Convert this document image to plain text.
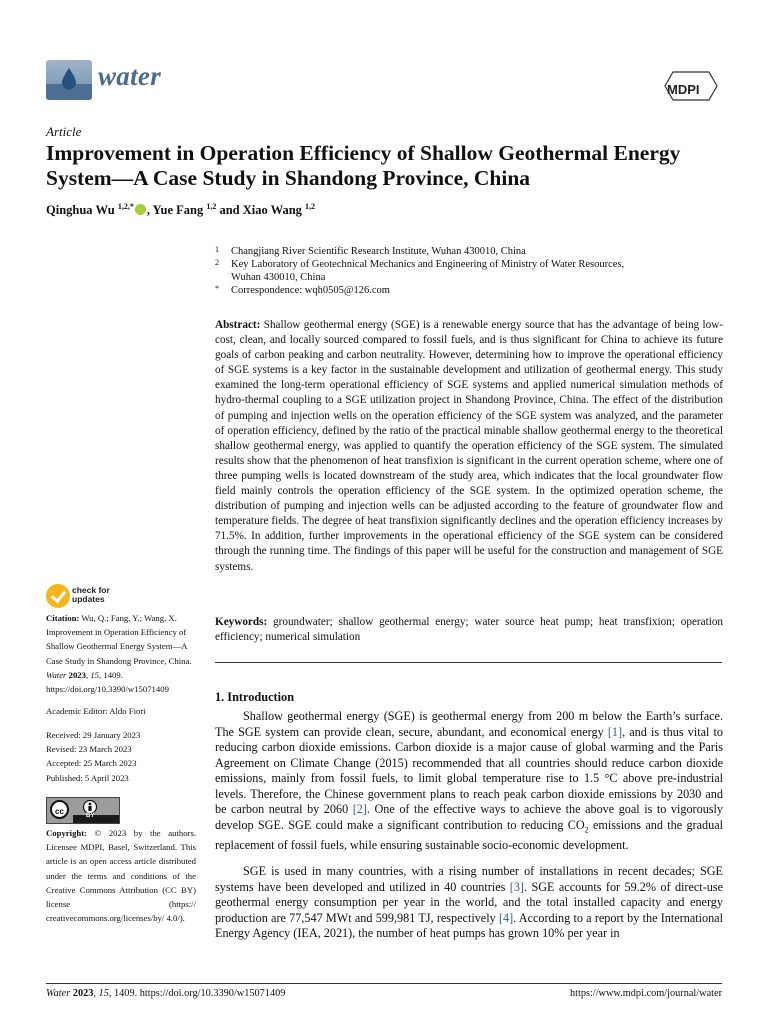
water	MDPI
Article
Improvement in Operation Efficiency of Shallow Geothermal Energy System—A Case Study in Shandong Province, China
Qinghua Wu $^{1,2,*}$ , Yue Fang $^{1,2}$ and Xiao Wang $^{1,2}$
1	Changjiang River Scientific Research Institute, Wuhan 430010, China
2	Key Laboratory of Geotechnical Mechanics and Engineering of Ministry of Water Resources,
Wuhan 430010, China
*	Correspondence: wqh0505@126.com
Abstract: Shallow geothermal energy (SGE) is a renewable energy source that has the advantage of being low-cost, clean, and locally sourced compared to fossil fuels, and is thus significant for China to achieve its future goals of carbon peaking and carbon neutrality. However, determining how to improve the operational efficiency of SGE systems is a key factor in the sustainable development and utilization of geothermal energy. This study examined the long-term operational efficiency of SGE systems and applied numerical simulation methods of hydro-thermal coupling to a SGE utilization project in Shandong Province, China. The effect of the distribution of pumping and injection wells on the operation efficiency of the SGE system was analyzed, and the parameter of operation efficiency, defined by the ratio of the practical minable shallow geothermal energy to the theoretical shallow geothermal energy, was applied to quantify the operation efficiency of the SGE system. The simulated results show that the phenomenon of heat transfixion is significant in the current operation scheme, where one of three pumping wells is located downstream of the study area, which indicates that the local groundwater flow field mainly controls the operation efficiency of the SGE system. In the optimized operation scheme, the distribution of pumping and injection wells can be adjusted according to the feature of groundwater flow and temperature fields. The degree of heat transfixion significantly declines and the operation efficiency increases by 71.5%. In addition, further improvements in the operational efficiency of the SGE system can be considered through the running time. The findings of this paper will be useful for the construction and management of SGE systems.
Keywords: groundwater; shallow geothermal energy; water source heat pump; heat transfixion; operation efficiency; numerical simulation
1. Introduction
Shallow geothermal energy (SGE) is geothermal energy from 200 m below the Earth’s surface. The SGE system can provide clean, secure, abundant, and economical energy [1], and is thus vital to reducing carbon dioxide emissions. Carbon dioxide is a major cause of global warming and the Paris Agreement on Climate Change (2015) recommended that all countries should reduce carbon dioxide emissions, mainly from fossil fuels, to limit global temperature rise to 1.5 °C above pre-industrial levels. Therefore, the Chinese government plans to reach peak carbon dioxide emissions by 2030 and be carbon neutral by 2060 [2]. One of the effective ways to achieve the above goal is to vigorously develop SGE. SGE could make a significant contribution to reducing $CO_2$ emissions and the gradual replacement of fossil fuels, while ensuring sustainable socio-economic development.
SGE is used in many countries, with a rising number of installations in recent decades; SGE systems have been developed and utilized in 40 countries [3]. SGE accounts for 59.2% of direct-use geothermal energy consumption per year in the world, and the total installed capacity and energy production are 77,547 MWt and 599,981 TJ, respectively [4]. According to a report by the International Energy Agency (IEA, 2021), the number of heat pumps has grown 10% per year in
check for updates
Citation: Wu, Q.; Fang, Y.; Wang, X. Improvement in Operation Efficiency of Shallow Geothermal Energy System—A Case Study in Shandong Province, China. Water 2023, 15, 1409. https://doi.org/10.3390/w15071409
Academic Editor: Aldo Fiori
Received: 29 January 2023
Revised: 23 March 2023
Accepted: 25 March 2023
Published: 5 April 2023
cc	BY
Copyright: © 2023 by the authors. Licensee MDPI, Basel, Switzerland. This article is an open access article distributed under the terms and conditions of the Creative Commons Attribution (CC BY) license (https:// creativecommons.org/licenses/by/ 4.0/).
Water 2023, 15, 1409. https://doi.org/10.3390/w15071409	https://www.mdpi.com/journal/water
